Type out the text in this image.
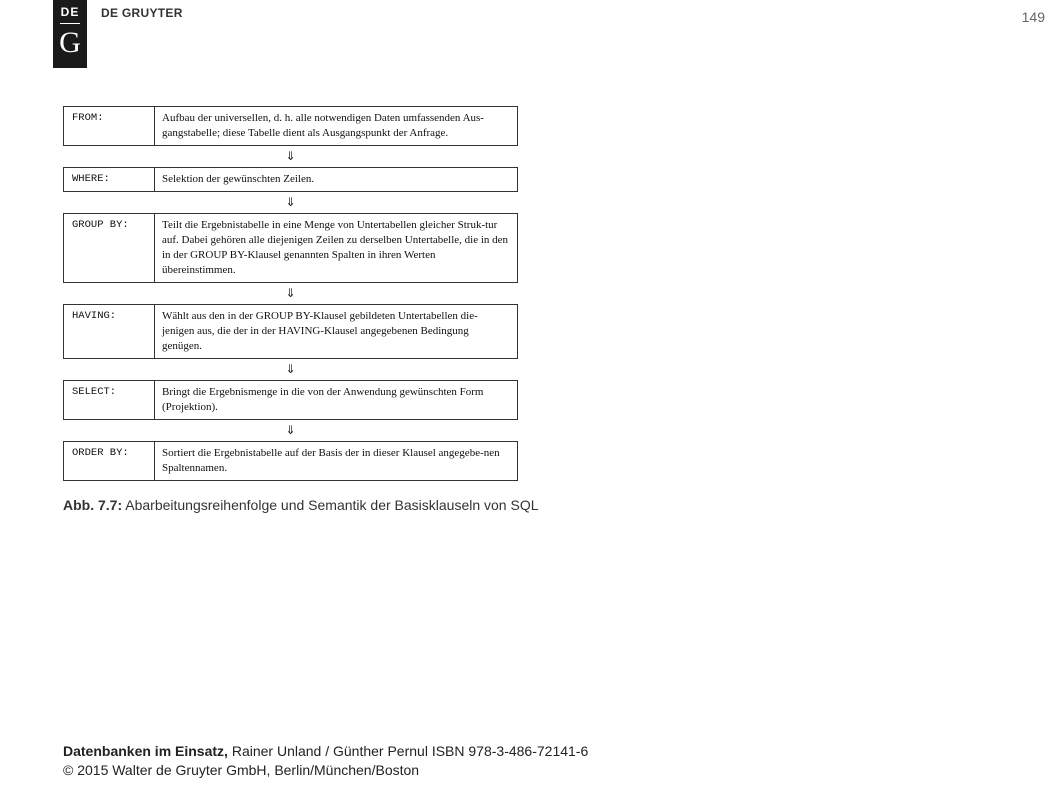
DE
G
DE GRUYTER	149
FROM:	Aufbau der universellen, d. h. alle notwendigen Daten umfassenden Aus-gangstabelle; diese Tabelle dient als Ausgangspunkt der Anfrage.
⇓
WHERE:	Selektion der gewünschten Zeilen.
⇓
GROUP BY:	Teilt die Ergebnistabelle in eine Menge von Untertabellen gleicher Struk-tur auf. Dabei gehören alle diejenigen Zeilen zu derselben Untertabelle, die in den in der GROUP BY-Klausel genannten Spalten in ihren Werten übereinstimmen.
⇓
HAVING:	Wählt aus den in der GROUP BY-Klausel gebildeten Untertabellen die-jenigen aus, die der in der HAVING-Klausel angegebenen Bedingung genügen.
⇓
SELECT:	Bringt die Ergebnismenge in die von der Anwendung gewünschten Form (Projektion).
⇓
ORDER BY:	Sortiert die Ergebnistabelle auf der Basis der in dieser Klausel angegebe-nen Spaltennamen.
Abb. 7.7: Abarbeitungsreihenfolge und Semantik der Basisklauseln von SQL
Datenbanken im Einsatz, Rainer Unland / Günther Pernul ISBN 978-3-486-72141-6
© 2015 Walter de Gruyter GmbH, Berlin/München/Boston
